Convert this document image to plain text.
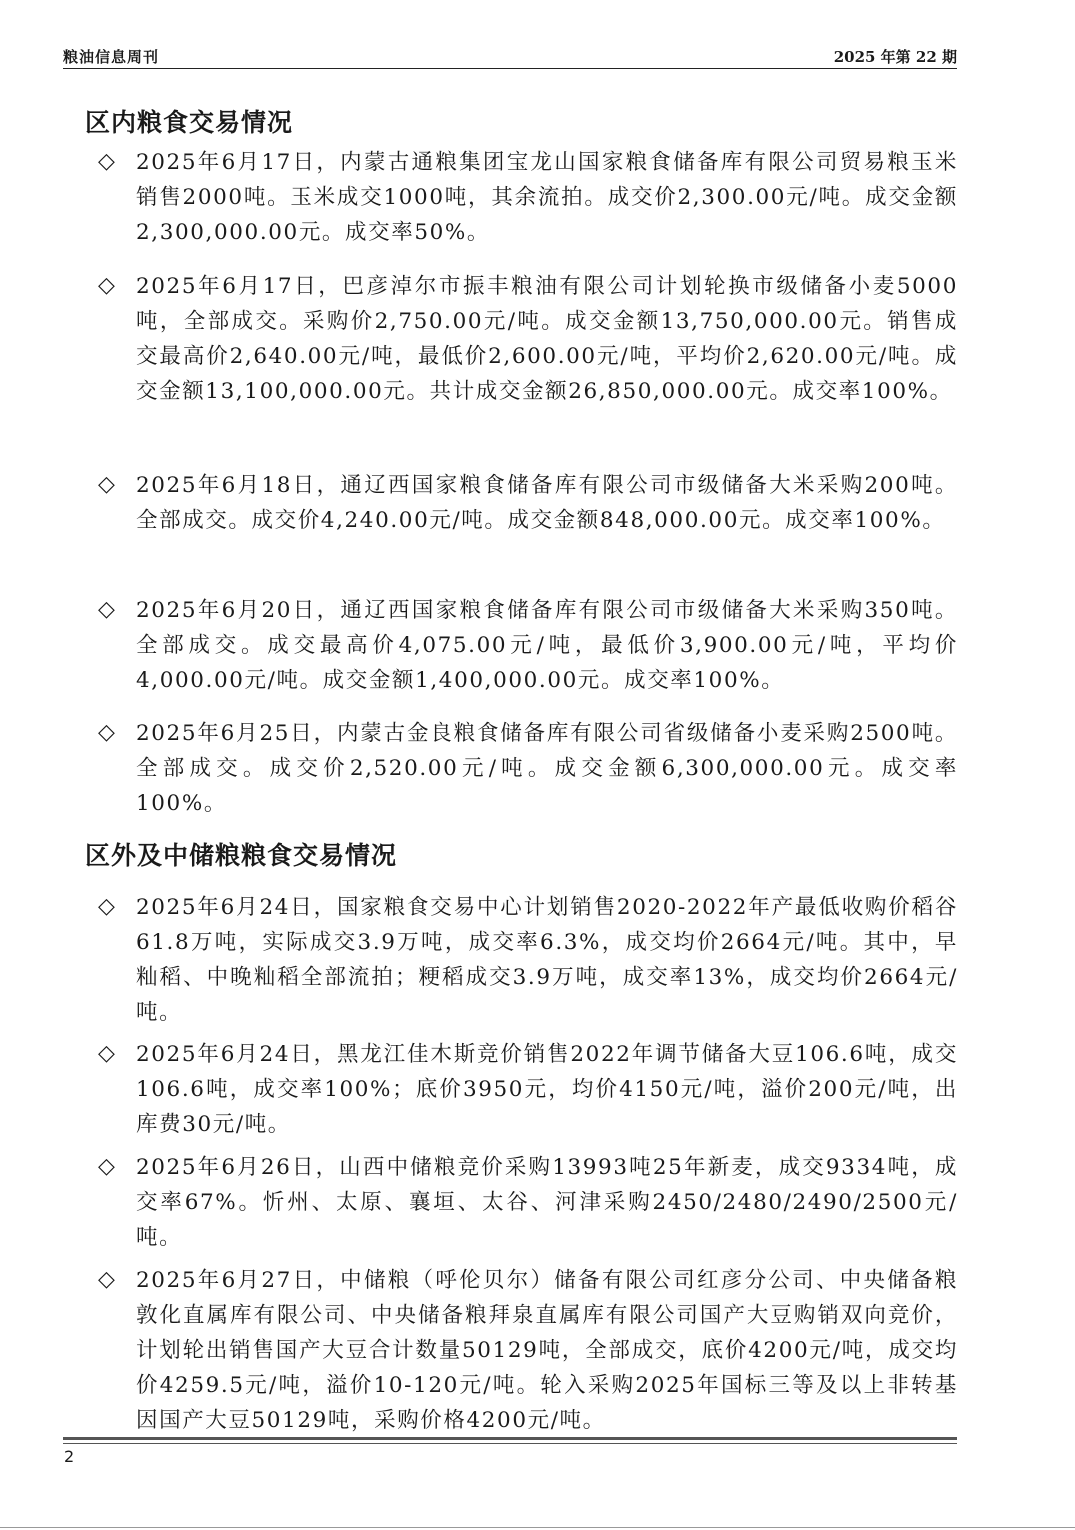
粮油信息周刊	2025 年第 22 期
区内粮食交易情况
◇ 2025年6月17日，内蒙古通粮集团宝龙山国家粮食储备库有限公司贸易粮玉米销售2000吨。玉米成交1000吨，其余流拍。成交价2,300.00元/吨。成交金额2,300,000.00元。成交率50%。
◇ 2025年6月17日，巴彦淖尔市振丰粮油有限公司计划轮换市级储备小麦5000吨，全部成交。采购价2,750.00元/吨。成交金额13,750,000.00元。销售成交最高价2,640.00元/吨，最低价2,600.00元/吨，平均价2,620.00元/吨。成交金额13,100,000.00元。共计成交金额26,850,000.00元。成交率100%。
◇ 2025年6月18日，通辽西国家粮食储备库有限公司市级储备大米采购200吨。全部成交。成交价4,240.00元/吨。成交金额848,000.00元。成交率100%。
◇ 2025年6月20日，通辽西国家粮食储备库有限公司市级储备大米采购350吨。全部成交。成交最高价4,075.00元/吨，最低价3,900.00元/吨，平均价4,000.00元/吨。成交金额1,400,000.00元。成交率100%。
◇ 2025年6月25日，内蒙古金良粮食储备库有限公司省级储备小麦采购2500吨。全部成交。成交价2,520.00元/吨。成交金额6,300,000.00元。成交率100%。
区外及中储粮粮食交易情况
◇ 2025年6月24日，国家粮食交易中心计划销售2020-2022年产最低收购价稻谷61.8万吨，实际成交3.9万吨，成交率6.3%，成交均价2664元/吨。其中，早籼稻、中晚籼稻全部流拍；粳稻成交3.9万吨，成交率13%，成交均价2664元/吨。
◇ 2025年6月24日，黑龙江佳木斯竞价销售2022年调节储备大豆106.6吨，成交106.6吨，成交率100%；底价3950元，均价4150元/吨，溢价200元/吨，出库费30元/吨。
◇ 2025年6月26日，山西中储粮竞价采购13993吨25年新麦，成交9334吨，成交率67%。忻州、太原、襄垣、太谷、河津采购2450/2480/2490/2500元/吨。
◇ 2025年6月27日，中储粮（呼伦贝尔）储备有限公司红彦分公司、中央储备粮敦化直属库有限公司、中央储备粮拜泉直属库有限公司国产大豆购销双向竞价，计划轮出销售国产大豆合计数量50129吨，全部成交，底价4200元/吨，成交均价4259.5元/吨，溢价10-120元/吨。轮入采购2025年国标三等及以上非转基因国产大豆50129吨，采购价格4200元/吨。
2
